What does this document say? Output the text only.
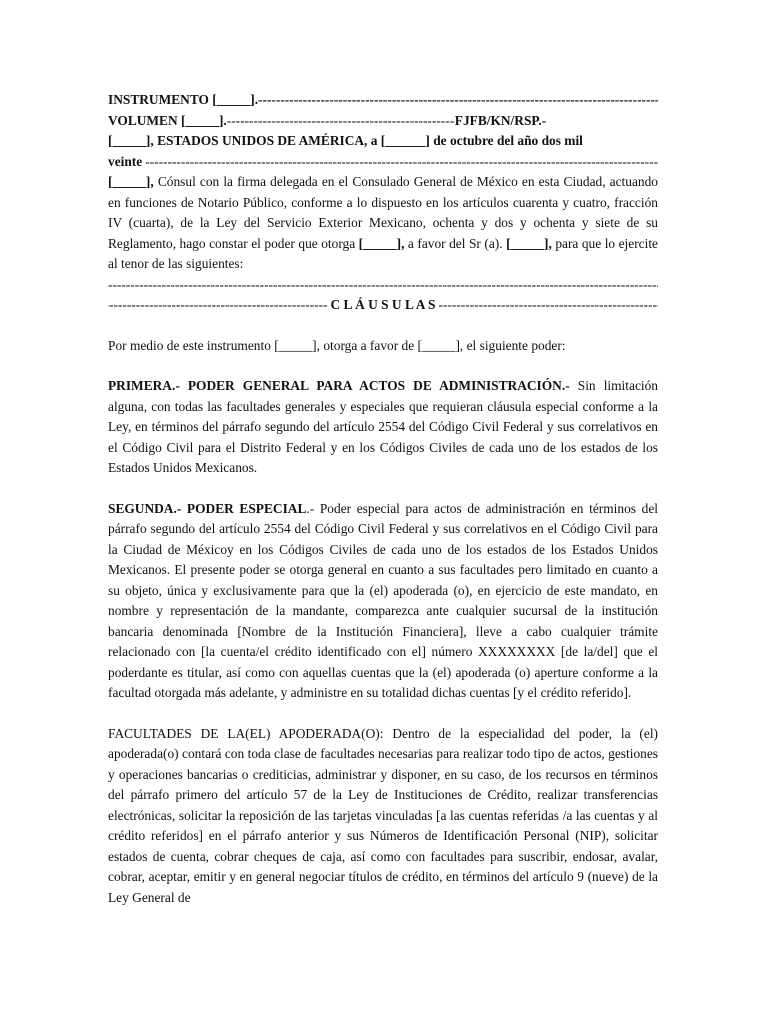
INSTRUMENTO [_____].
-----
VOLUMEN [_____].
-----	FJFB/KN/RSP.-

[_____], ESTADOS UNIDOS DE AMÉRICA, a [______] de octubre del año dos mil

veinte
-----

[_____], Cónsul con la firma delegada en el Consulado General de México en esta Ciudad, actuando en funciones de Notario Público, conforme a lo dispuesto en los artículos cuarenta y cuatro, fracción IV (cuarta), de la Ley del Servicio Exterior Mexicano, ochenta y dos y ochenta y siete de su Reglamento, hago constar el poder que otorga [_____], a favor del Sr (a). [_____], para que lo ejercite al tenor de las siguientes:

-----
-----
C L Á U S U L A S
-----

Por medio de este instrumento [_____], otorga a favor de [_____], el siguiente poder:

PRIMERA.- PODER GENERAL PARA ACTOS DE ADMINISTRACIÓN.- Sin limitación alguna, con todas las facultades generales y especiales que requieran cláusula especial conforme a la Ley, en términos del párrafo segundo del artículo 2554 del Código Civil Federal y sus correlativos en el Código Civil para el Distrito Federal y en los Códigos Civiles de cada uno de los estados de los Estados Unidos Mexicanos.

SEGUNDA.- PODER ESPECIAL.- Poder especial para actos de administración en términos del párrafo segundo del artículo 2554 del Código Civil Federal y sus correlativos en el Código Civil para la Ciudad de Méxicoy en los Códigos Civiles de cada uno de los estados de los Estados Unidos Mexicanos. El presente poder se otorga general en cuanto a sus facultades pero limitado en cuanto a su objeto, única y exclusivamente para que la (el) apoderada (o), en ejercicio de este mandato, en nombre y representación de la mandante, comparezca ante cualquier sucursal de la institución bancaria denominada [Nombre de la Institución Financiera], lleve a cabo cualquier trámite relacionado con [la cuenta/el crédito identificado con el] número XXXXXXXX [de la/del] que el poderdante es titular, así como con aquellas cuentas que la (el) apoderada (o) aperture conforme a la facultad otorgada más adelante, y administre en su totalidad dichas cuentas [y el crédito referido].

FACULTADES DE LA(EL) APODERADA(O): Dentro de la especialidad del poder, la (el) apoderada(o) contará con toda clase de facultades necesarias para realizar todo tipo de actos, gestiones y operaciones bancarias o crediticias, administrar y disponer, en su caso, de los recursos en términos del párrafo primero del artículo 57 de la Ley de Instituciones de Crédito, realizar transferencias electrónicas, solicitar la reposición de las tarjetas vinculadas [a las cuentas referidas /a las cuentas y al crédito referidos] en el párrafo anterior y sus Números de Identificación Personal (NIP), solicitar estados de cuenta, cobrar cheques de caja, así como con facultades para suscribir, endosar, avalar, cobrar, aceptar, emitir y en general negociar títulos de crédito, en términos del artículo 9 (nueve) de la Ley General de
